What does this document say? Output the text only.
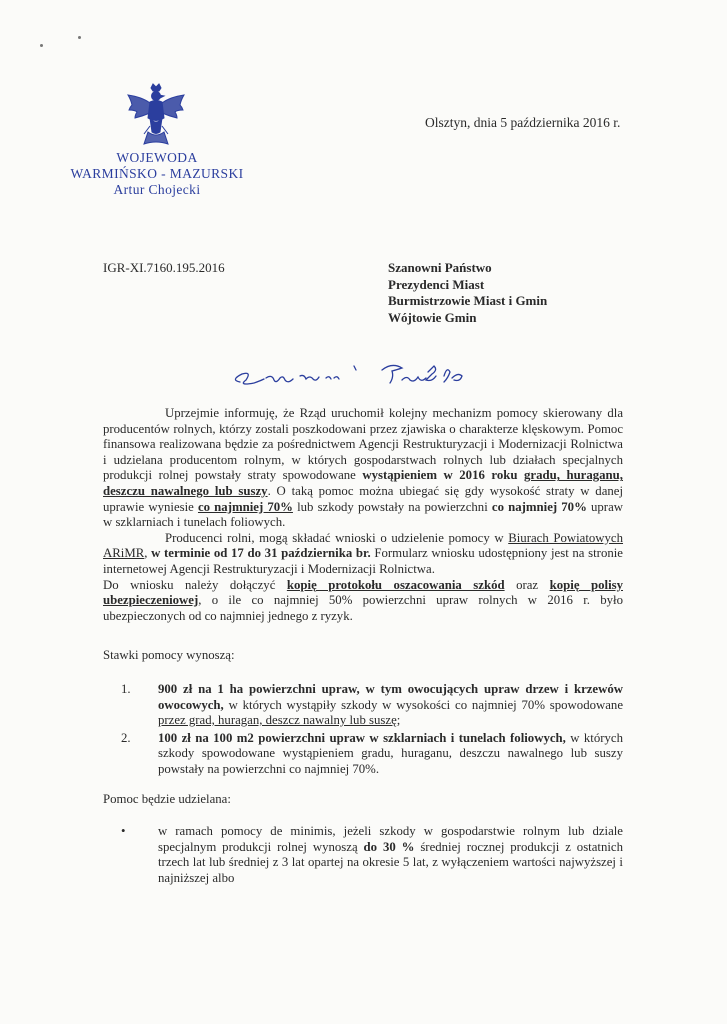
WOJEWODA
WARMIŃSKO - MAZURSKI
Artur Chojecki
Olsztyn, dnia 5 października 2016 r.
IGR-XI.7160.195.2016	Szanowni Państwo
Prezydenci Miast
Burmistrzowie Miast i Gmin
Wójtowie Gmin

Uprzejmie informuję, że Rząd uruchomił kolejny mechanizm pomocy skierowany dla producentów rolnych, którzy zostali poszkodowani przez zjawiska o charakterze klęskowym. Pomoc finansowa realizowana będzie za pośrednictwem Agencji Restrukturyzacji i Modernizacji Rolnictwa i udzielana producentom rolnym, w których gospodarstwach rolnych lub działach specjalnych produkcji rolnej powstały straty spowodowane wystąpieniem w 2016 roku gradu, huraganu, deszczu nawalnego lub suszy. O taką pomoc można ubiegać się gdy wysokość straty w danej uprawie wyniesie co najmniej 70% lub szkody powstały na powierzchni co najmniej 70% upraw w szklarniach i tunelach foliowych.

Producenci rolni, mogą składać wnioski o udzielenie pomocy w Biurach Powiatowych ARiMR, w terminie od 17 do 31 października br. Formularz wniosku udostępniony jest na stronie internetowej Agencji Restrukturyzacji i Modernizacji Rolnictwa.

Do wniosku należy dołączyć kopię protokołu oszacowania szkód oraz kopię polisy ubezpieczeniowej, o ile co najmniej 50% powierzchni upraw rolnych w 2016 r. było ubezpieczonych od co najmniej jednego z ryzyk.

Stawki pomocy wynoszą:
1.	900 zł na 1 ha powierzchni upraw, w tym owocujących upraw drzew i krzewów owocowych, w których wystąpiły szkody w wysokości co najmniej 70% spowodowane przez grad, huragan, deszcz nawalny lub suszę;
2.	100 zł na 100 m2 powierzchni upraw w szklarniach i tunelach foliowych, w których szkody spowodowane wystąpieniem gradu, huraganu, deszczu nawalnego lub suszy powstały na powierzchni co najmniej 70%.
Pomoc będzie udzielana:
•	w ramach pomocy de minimis, jeżeli szkody w gospodarstwie rolnym lub dziale specjalnym produkcji rolnej wynoszą do 30 % średniej rocznej produkcji z ostatnich trzech lat lub średniej z 3 lat opartej na okresie 5 lat, z wyłączeniem wartości najwyższej i najniższej albo
